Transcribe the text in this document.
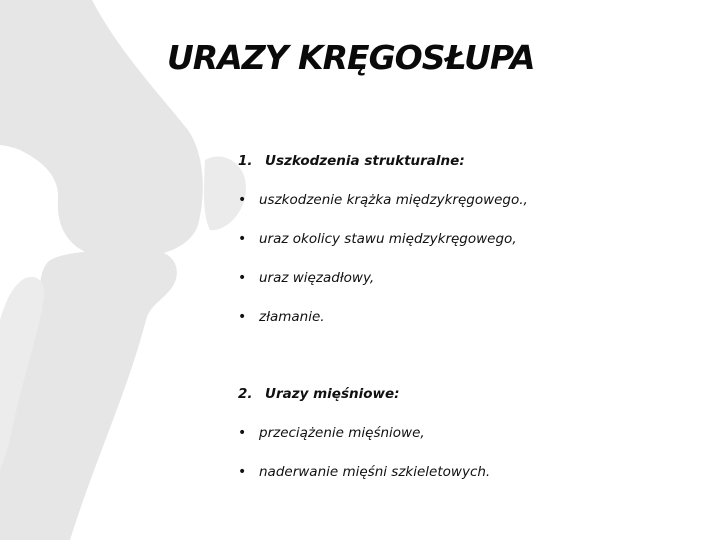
URAZY KRĘGOSŁUPA
1. Uszkodzenia strukturalne:
• uszkodzenie krążka międzykręgowego.,
• uraz okolicy stawu międzykręgowego,
• uraz więzadłowy,
• złamanie.
2. Urazy mięśniowe:
• przeciążenie mięśniowe,
• naderwanie mięśni szkieletowych.
